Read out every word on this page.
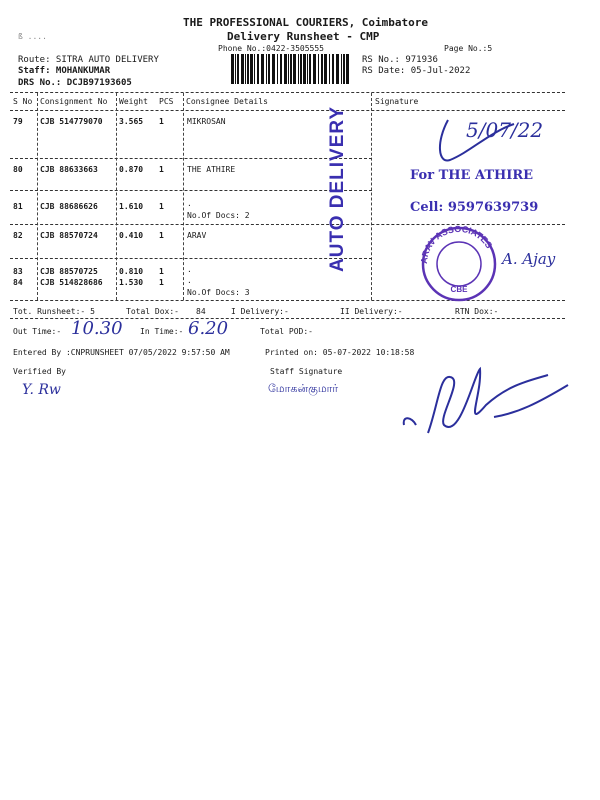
ß ....
THE PROFESSIONAL COURIERS, Coimbatore
Delivery Runsheet - CMP
Phone No.:0422-3505555	Page No.:5
Route: SITRA AUTO DELIVERY
Staff: MOHANKUMAR
DRS No.: DCJB97193605
RS No.: 971936
RS Date: 05-Jul-2022
S No Consignment No Weight PCS Consignee Details	Signature
79 CJB 514779070 3.565 1	MIKROSAN
80 CJB 88633663	0.870 1	THE ATHIRE
81 CJB 88686626	1.610 1	.
No.Of Docs: 2
82 CJB 88570724	0.410 1	ARAV
83 CJB 88570725	0.810 1	.
84 CJB 514828686 1.530 1	.
No.Of Docs: 3
Tot. Runsheet:- 5	Total Dox:- 84	I Delivery:-	II Delivery:-	RTN Dox:-
Out Time:- 10.30 In Time:- 6.20	Total POD:-
Entered By :CNPRUNSHEET 07/05/2022 9:57:50 AM	Printed on: 05-07-2022 10:18:58
Verified By	Staff Signature
Y. Rw	மோகன்குமார்
AUTO DELIVERY	For THE ATHIRE
Cell: 9597639739
5/07/22
A. Ajay
ARAV ASSOCIATES
CBE
